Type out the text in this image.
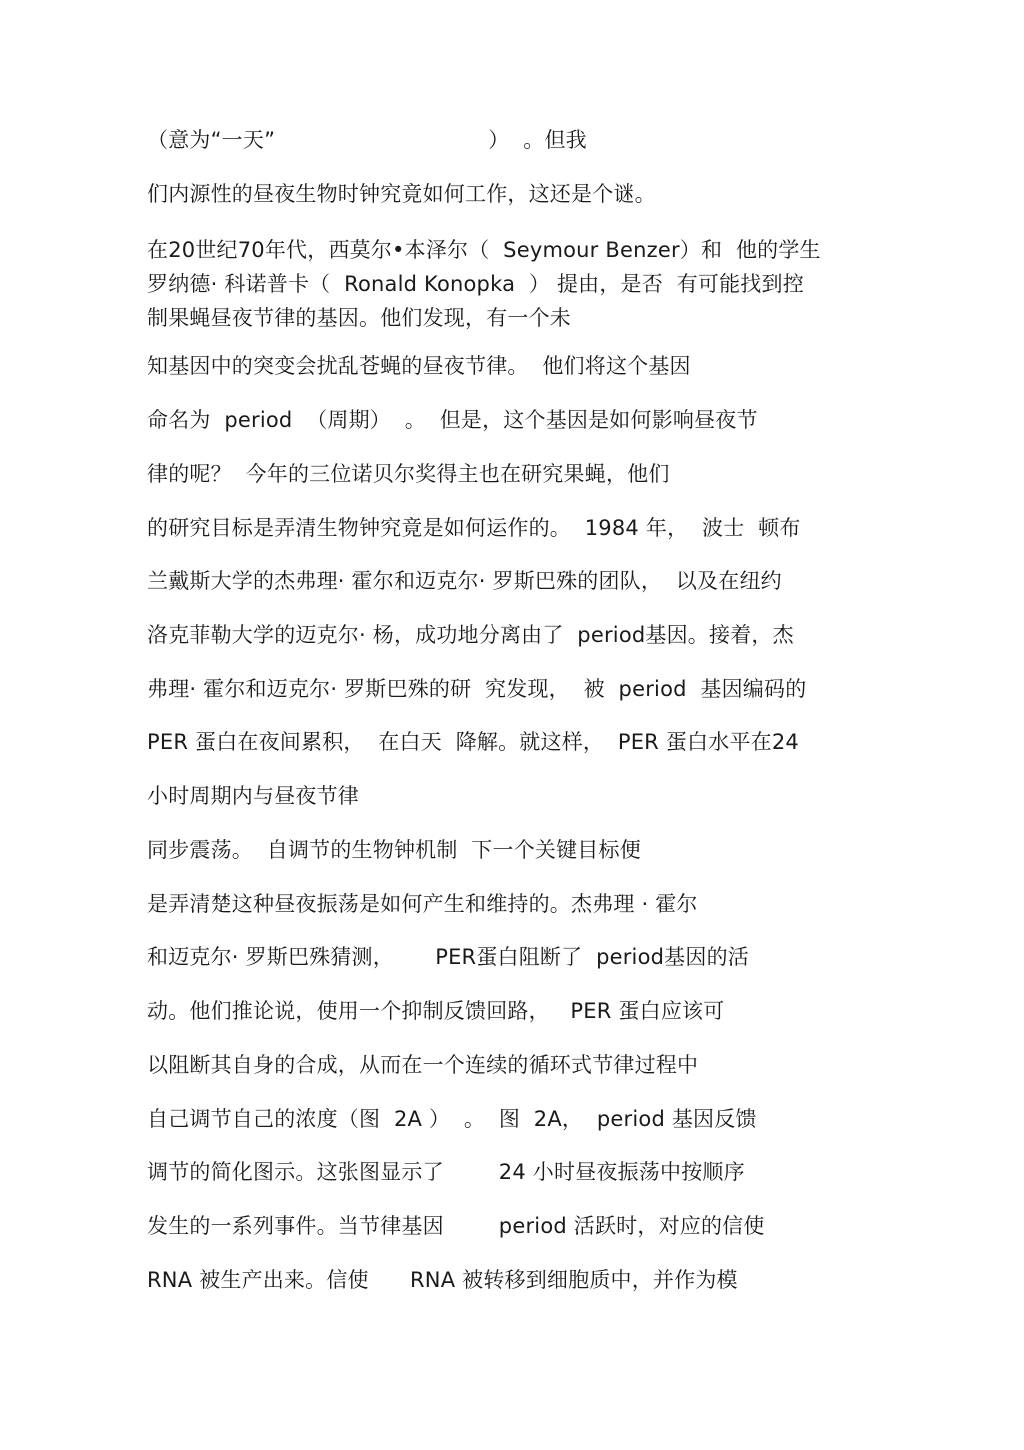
（意为“一天”                               ）  。但我
们内源性的昼夜生物时钟究竟如何工作，这还是个谜。
在20世纪70年代，西莫尔•本泽尔（  Seymour Benzer）和  他的学生
罗纳德· 科诺普卡（  Ronald Konopka  ） 提由，是否  有可能找到控
制果蝇昼夜节律的基因。他们发现，有一个未
知基因中的突变会扰乱苍蝇的昼夜节律。  他们将这个基因
命名为  period  （周期）  。  但是，这个基因是如何影响昼夜节
律的呢？  今年的三位诺贝尔奖得主也在研究果蝇，他们
的研究目标是弄清生物钟究竟是如何运作的。  1984 年，  波士  顿布
兰戴斯大学的杰弗理· 霍尔和迈克尔· 罗斯巴殊的团队，  以及在纽约
洛克菲勒大学的迈克尔· 杨，成功地分离由了  period基因。接着，杰
弗理· 霍尔和迈克尔· 罗斯巴殊的研  究发现，  被  period  基因编码的
PER 蛋白在夜间累积，  在白天  降解。就这样，  PER 蛋白水平在24
小时周期内与昼夜节律
同步震荡。  自调节的生物钟机制  下一个关键目标便
是弄清楚这种昼夜振荡是如何产生和维持的。杰弗理 · 霍尔
和迈克尔· 罗斯巴殊猜测，      PER蛋白阻断了  period基因的活
动。他们推论说，使用一个抑制反馈回路，   PER 蛋白应该可
以阻断其自身的合成，从而在一个连续的循环式节律过程中
自己调节自己的浓度（图  2A ）  。  图  2A，  period 基因反馈
调节的简化图示。这张图显示了        24 小时昼夜振荡中按顺序
发生的一系列事件。当节律基因        period 活跃时，对应的信使
RNA 被生产出来。信使      RNA 被转移到细胞质中，并作为模
